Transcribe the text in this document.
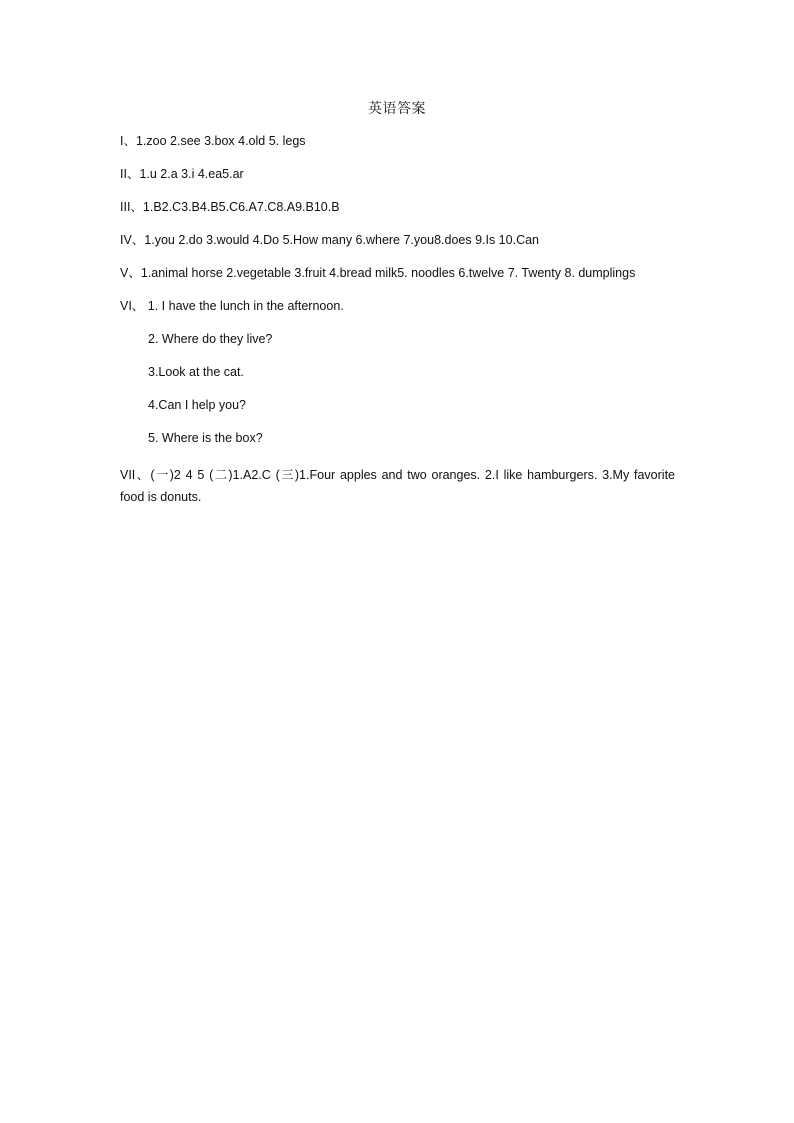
英语答案
I、1.zoo 2.see 3.box 4.old 5. legs
II、1.u 2.a 3.i 4.ea5.ar
III、1.B2.C3.B4.B5.C6.A7.C8.A9.B10.B
IV、1.you 2.do 3.would 4.Do 5.How many 6.where 7.you8.does 9.Is 10.Can
V、1.animal horse 2.vegetable 3.fruit 4.bread milk5. noodles 6.twelve 7. Twenty 8. dumplings
VI、 1. I have the lunch in the afternoon.
2. Where do they live?
3.Look at the cat.
4.Can I help you?
5. Where is the box?
VII、(一)2 4 5 (二)1.A2.C (三)1.Four apples and two oranges. 2.I like hamburgers. 3.My favorite food is donuts.
